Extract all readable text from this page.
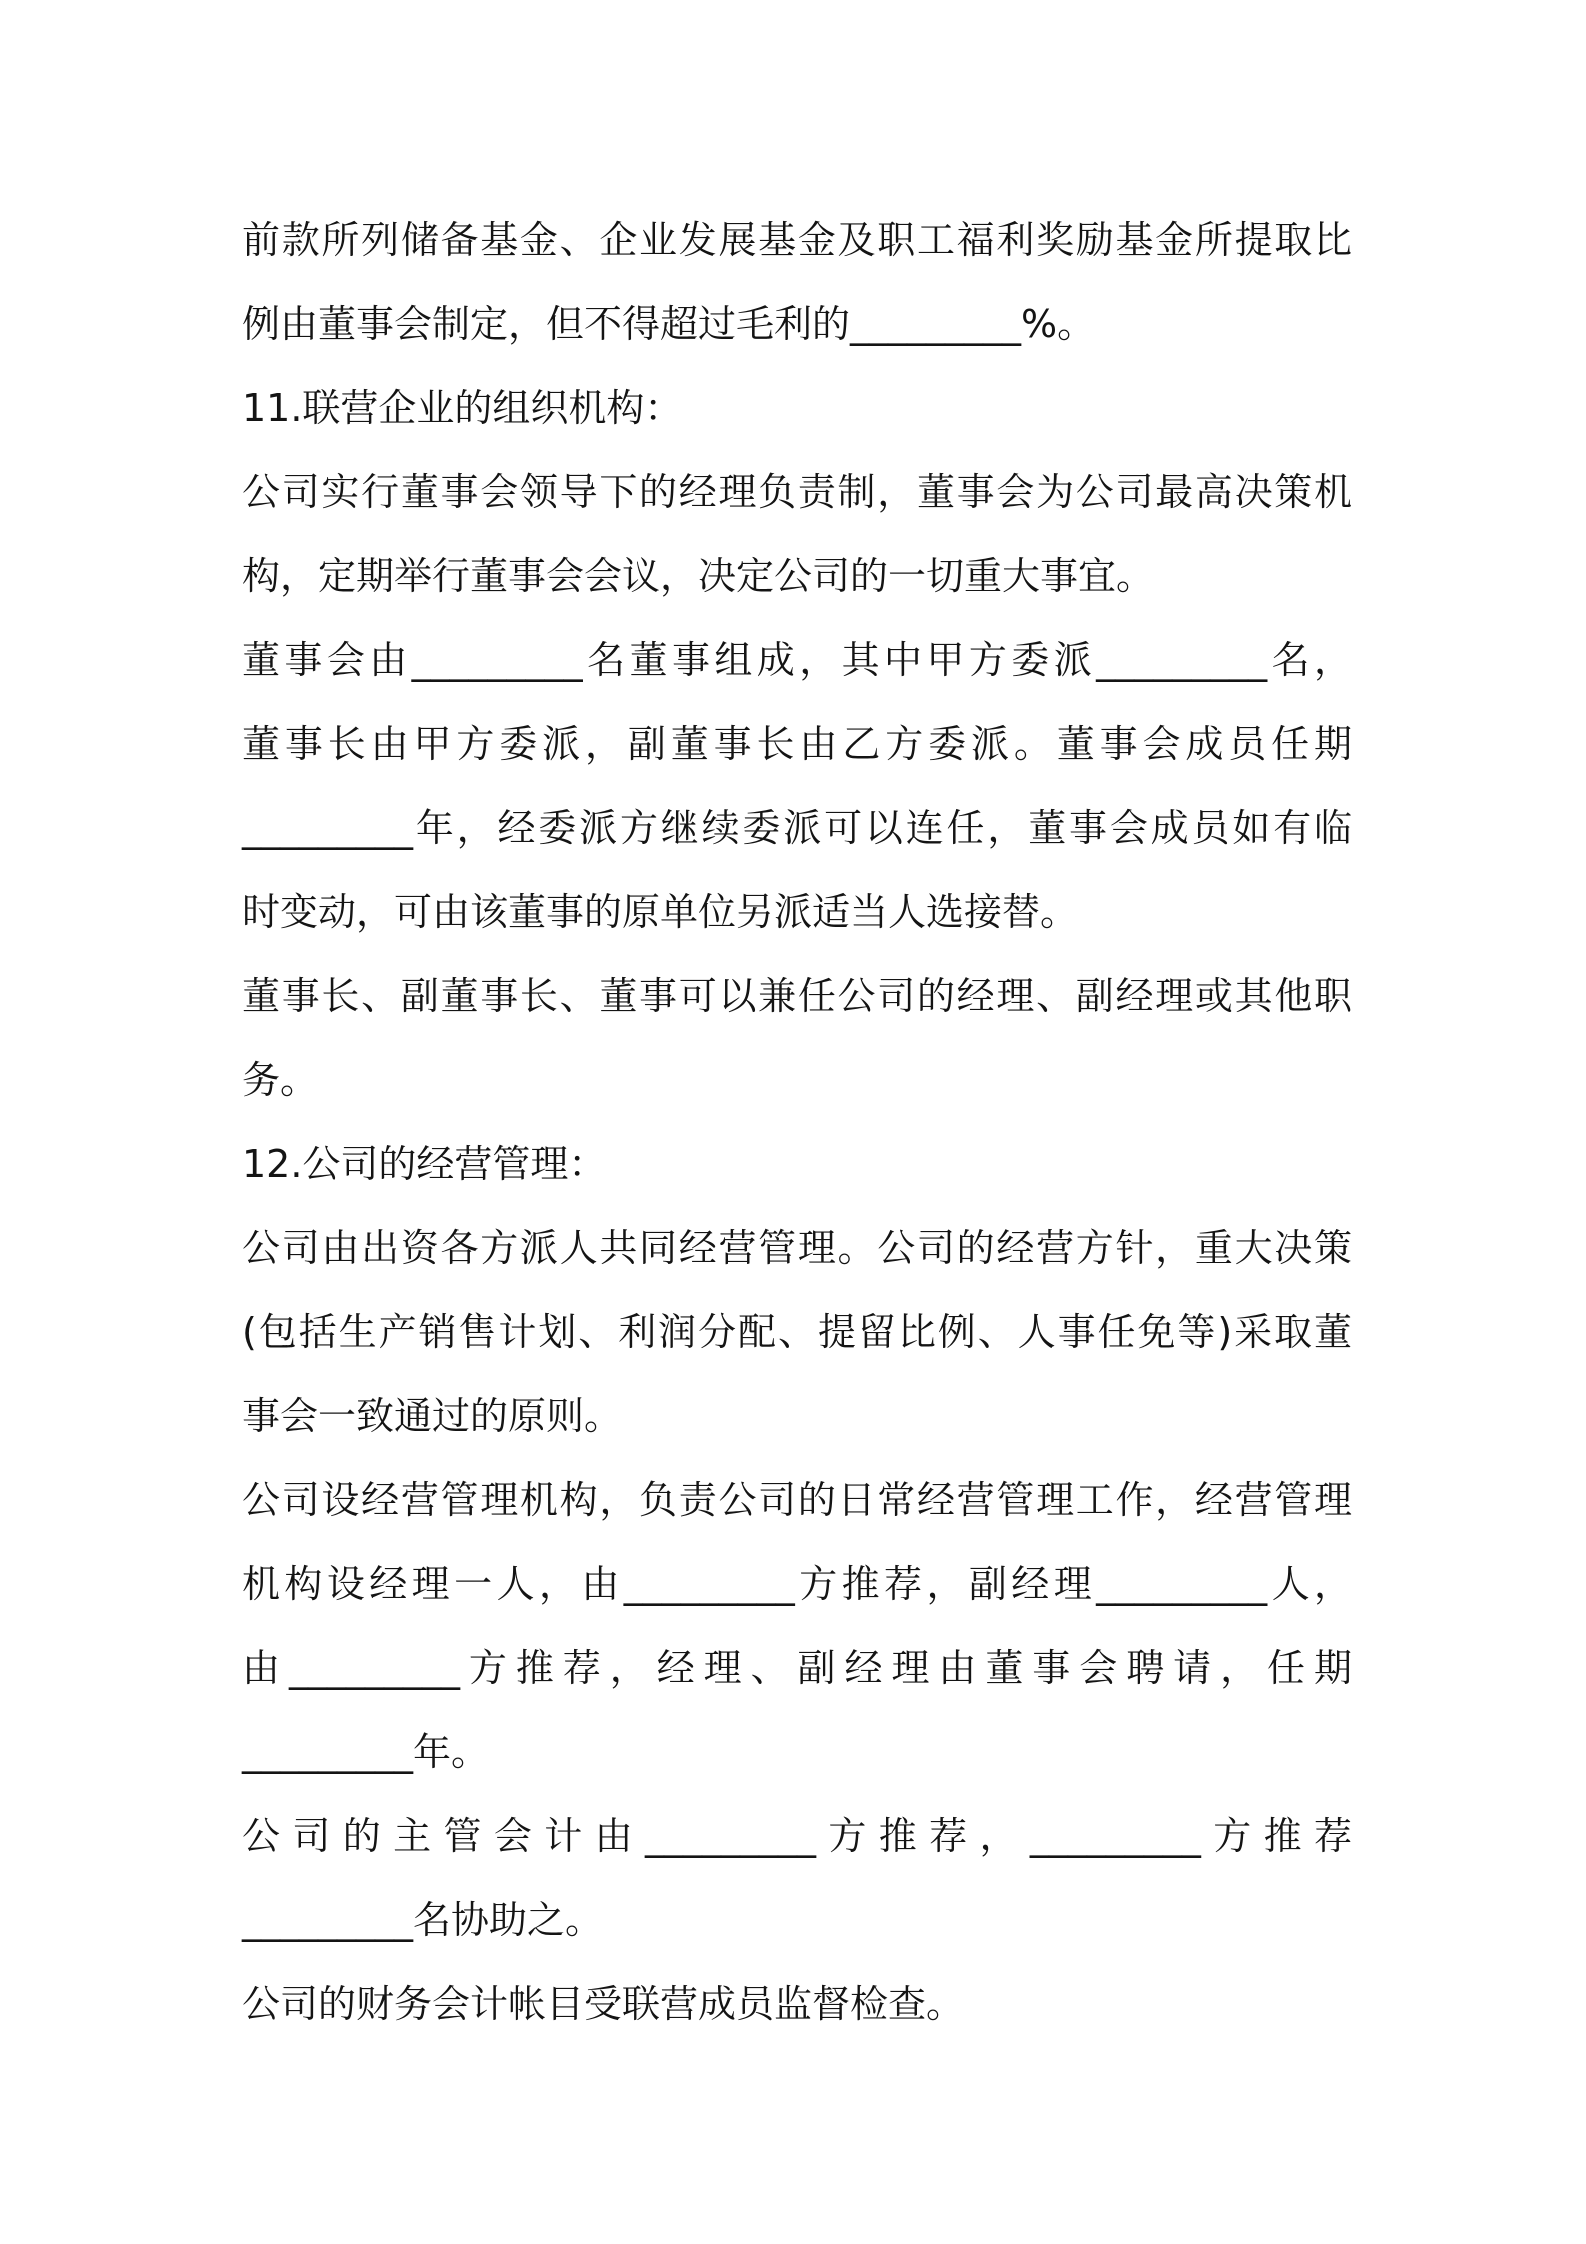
前款所列储备基金、企业发展基金及职工福利奖励基金所提取比
例由董事会制定，但不得超过毛利的_________%。
11.联营企业的组织机构：
公司实行董事会领导下的经理负责制，董事会为公司最高决策机
构，定期举行董事会会议，决定公司的一切重大事宜。
董事会由_________名董事组成，其中甲方委派_________名，
董事长由甲方委派，副董事长由乙方委派。董事会成员任期
_________年，经委派方继续委派可以连任，董事会成员如有临
时变动，可由该董事的原单位另派适当人选接替。
董事长、副董事长、董事可以兼任公司的经理、副经理或其他职
务。
12.公司的经营管理：
公司由出资各方派人共同经营管理。公司的经营方针，重大决策
(包括生产销售计划、利润分配、提留比例、人事任免等)采取董
事会一致通过的原则。
公司设经营管理机构，负责公司的日常经营管理工作，经营管理
机构设经理一人，由_________方推荐，副经理_________人，
由_________方推荐，经理、副经理由董事会聘请，任期
_________年。
公司的主管会计由_________方推荐，_________方推荐
_________名协助之。
公司的财务会计帐目受联营成员监督检查。
